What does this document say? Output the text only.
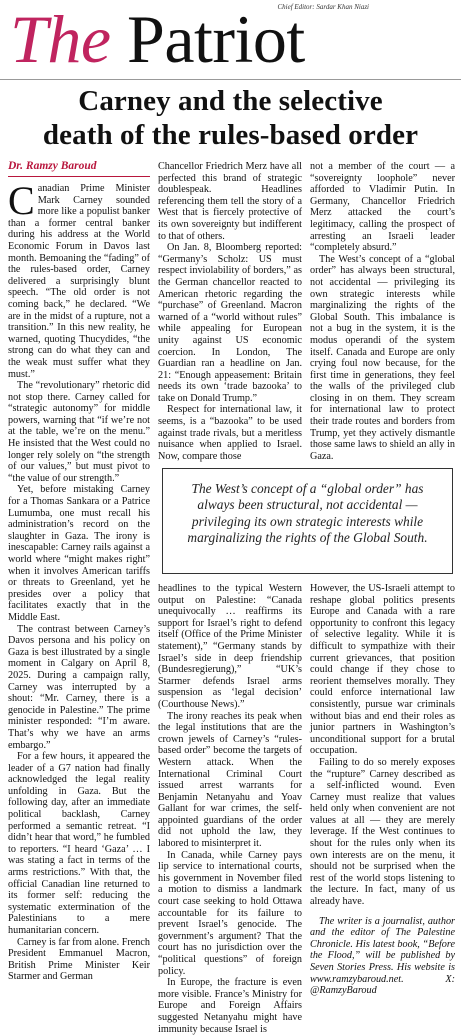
Chief Editor: Sardar Khan Niazi
The Patriot
Carney and the selective
death of the rules-based order
Dr. Ramzy Baroud

Canadian Prime Minister Mark Carney sounded more like a populist banker than a former central banker during his address at the World Economic Forum in Davos last month. Bemoaning the “fading” of the rules-based order, Carney delivered a surprisingly blunt speech. “The old order is not coming back,” he declared. “We are in the midst of a rupture, not a transition.” In this new reality, he warned, quoting Thucydides, “the strong can do what they can and the weak must suffer what they must.”

The “revolutionary” rhetoric did not stop there. Carney called for “strategic autonomy” for middle powers, warning that “if we’re not at the table, we’re on the menu.” He insisted that the West could no longer rely solely on “the strength of our values,” but must pivot to “the value of our strength.”

Yet, before mistaking Carney for a Thomas Sankara or a Patrice Lumumba, one must recall his administration’s record on the slaughter in Gaza. The irony is inescapable: Carney rails against a world where “might makes right” when it involves American tariffs or threats to Greenland, yet he presides over a policy that facilitates exactly that in the Middle East.

The contrast between Carney’s Davos persona and his policy on Gaza is best illustrated by a single moment in Calgary on April 8, 2025. During a campaign rally, Carney was interrupted by a shout: “Mr. Carney, there is a genocide in Palestine.” The prime minister responded: “I’m aware. That’s why we have an arms embargo.”

For a few hours, it appeared the leader of a G7 nation had finally acknowledged the legal reality unfolding in Gaza. But the following day, after an immediate political backlash, Carney performed a semantic retreat. “I didn’t hear that word,” he fumbled to reporters. “I heard ‘Gaza’ … I was stating a fact in terms of the arms restrictions.” With that, the official Canadian line returned to its former self: reducing the systematic extermination of the Palestinians to a mere humanitarian concern.

Carney is far from alone. French President Emmanuel Macron, British Prime Minister Keir Starmer and German

Chancellor Friedrich Merz have all perfected this brand of strategic doublespeak. Headlines referencing them tell the story of a West that is fiercely protective of its own sovereignty but indifferent to that of others.

On Jan. 8, Bloomberg reported: “Germany’s Scholz: US must respect inviolability of borders,” as the German chancellor reacted to American rhetoric regarding the “purchase” of Greenland. Macron warned of a “world without rules” while appealing for European unity against US economic coercion. In London, The Guardian ran a headline on Jan. 21: “Enough appeasement: Britain needs its own ‘trade bazooka’ to take on Donald Trump.”

Respect for international law, it seems, is a “bazooka” to be used against trade rivals, but a meritless nuisance when applied to Israel. Now, compare those

not a member of the court — a “sovereignty loophole” never afforded to Vladimir Putin. In Germany, Chancellor Friedrich Merz attacked the court’s legitimacy, calling the prospect of arresting an Israeli leader “completely absurd.”

The West’s concept of a “global order” has always been structural, not accidental — privileging its own strategic interests while marginalizing the rights of the Global South. This imbalance is not a bug in the system, it is the modus operandi of the system itself. Canada and Europe are only crying foul now because, for the first time in generations, they feel the walls of the privileged club closing in on them. They scream for international law to protect their trade routes and borders from Trump, yet they actively dismantle those same laws to shield an ally in Gaza.

The West’s concept of a “global order” has always been structural, not accidental — privileging its own strategic interests while marginalizing the rights of the Global South.

headlines to the typical Western output on Palestine: “Canada unequivocally … reaffirms its support for Israel’s right to defend itself (Office of the Prime Minister statement),” “Germany stands by Israel’s side in deep friendship (Bundesregierung),” “UK’s Starmer defends Israel arms suspension as ‘legal decision’ (Courthouse News).”

The irony reaches its peak when the legal institutions that are the crown jewels of Carney’s “rules-based order” become the targets of Western attack. When the International Criminal Court issued arrest warrants for Benjamin Netanyahu and Yoav Gallant for war crimes, the self-appointed guardians of the order did not uphold the law, they labored to misinterpret it.

In Canada, while Carney pays lip service to international courts, his government in November filed a motion to dismiss a landmark court case seeking to hold Ottawa accountable for its failure to prevent Israel’s genocide. The government’s argument? That the court has no jurisdiction over the “political questions” of foreign policy.

In Europe, the fracture is even more visible. France’s Ministry for Europe and Foreign Affairs suggested Netanyahu might have immunity because Israel is

However, the US-Israeli attempt to reshape global politics presents Europe and Canada with a rare opportunity to confront this legacy of selective legality. While it is difficult to sympathize with their current grievances, that position could change if they chose to reorient themselves morally. They could enforce international law consistently, pursue war criminals without bias and end their roles as junior partners in Washington’s unconditional support for a brutal occupation.

Failing to do so merely exposes the “rupture” Carney described as a self-inflicted wound. Even Carney must realize that values held only when convenient are not values at all — they are merely leverage. If the West continues to shout for the rules only when its own interests are on the menu, it should not be surprised when the rest of the world stops listening to the lecture. In fact, many of us already have.

The writer is a journalist, author and the editor of The Palestine Chronicle. His latest book, “Before the Flood,” will be published by Seven Stories Press. His website is www.ramzybaroud.net. X: @RamzyBaroud
